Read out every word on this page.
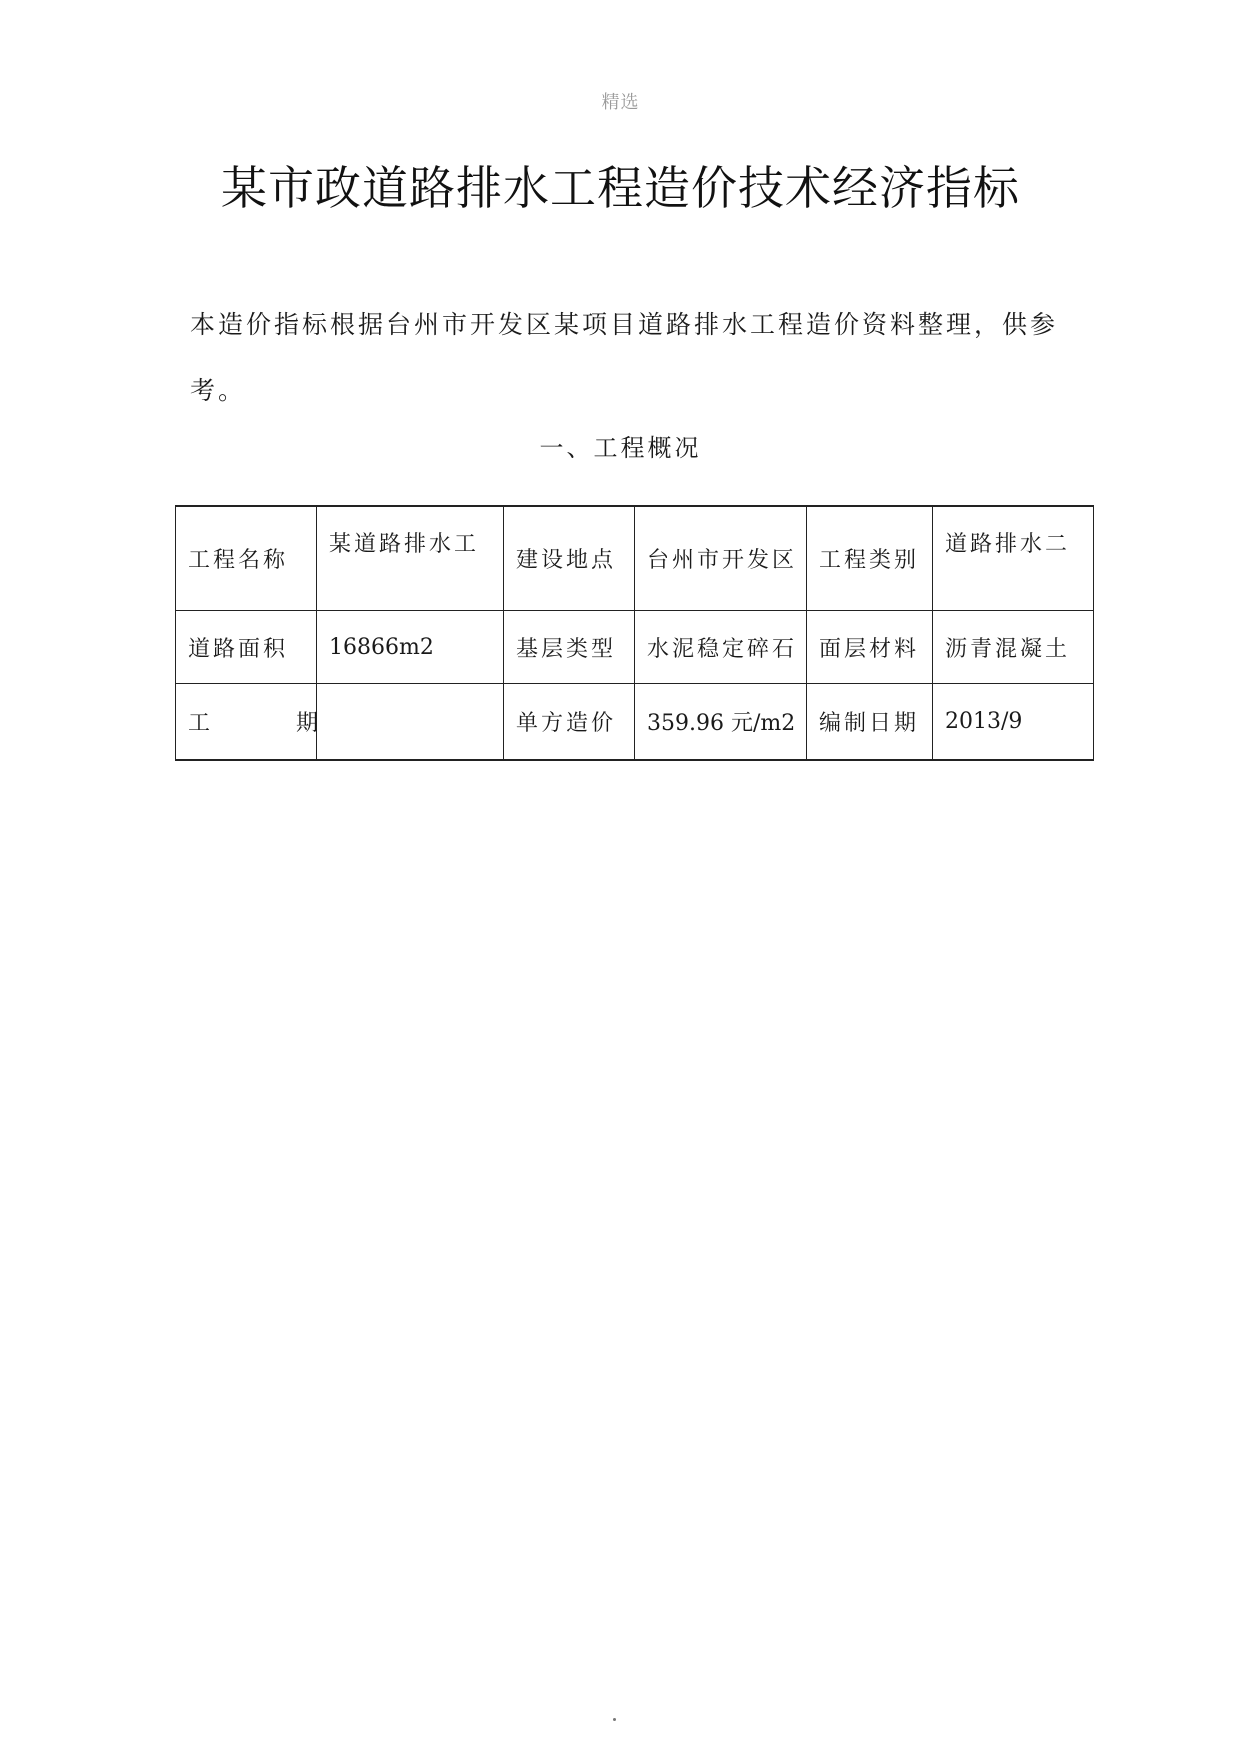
精选
某市政道路排水工程造价技术经济指标
本造价指标根据台州市开发区某项目道路排水工程造价资料整理，供参考。
一、工程概况
工程名称	某道路排水工	建设地点	台州市开发区	工程类别	道路排水二
道路面积	16866m2	基层类型	水泥稳定碎石	面层材料	沥青混凝土
工　期		单方造价	359.96 元/m2	编制日期	2013/9
